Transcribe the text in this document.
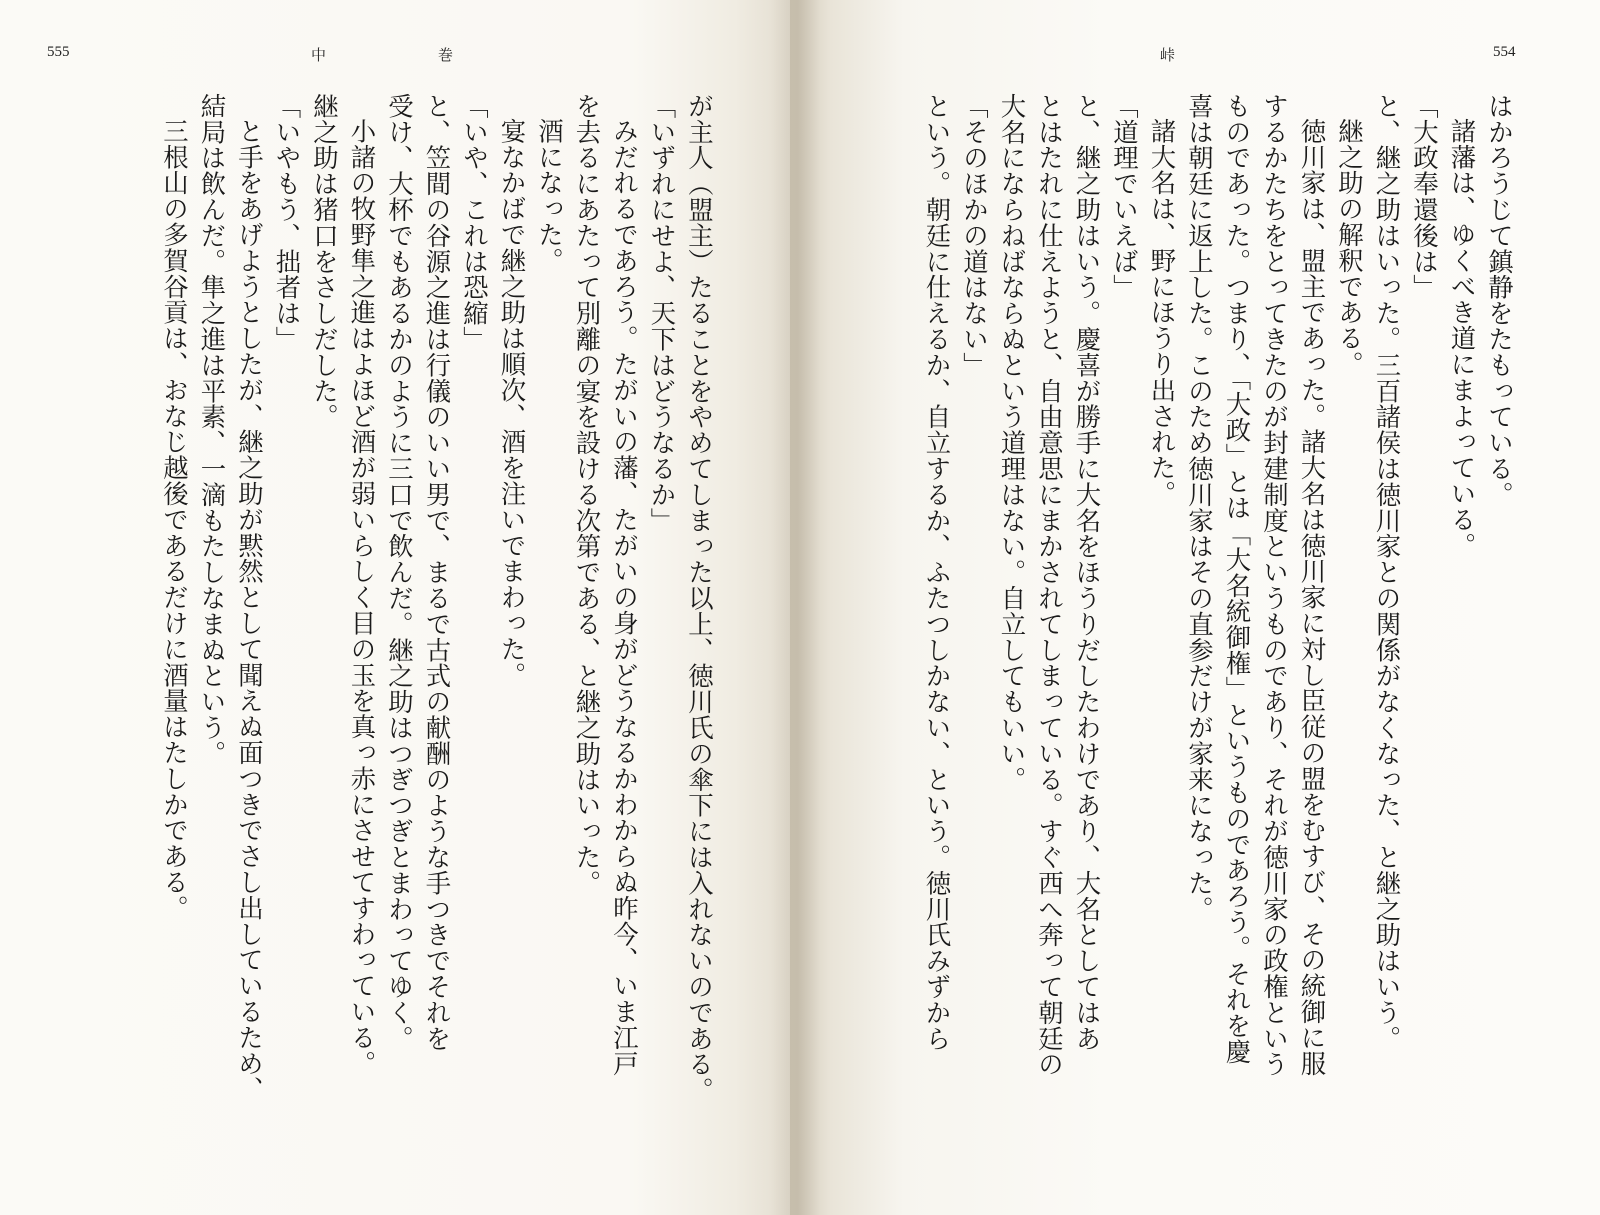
555	中	巻
が主人（盟主）たることをやめてしまった以上、徳川氏の傘下には入れないのである。
「いずれにせよ、天下はどうなるか」
みだれるであろう。たがいの藩、たがいの身がどうなるかわからぬ昨今、いま江戸
を去るにあたって別離の宴を設ける次第である、と継之助はいった。
酒になった。
宴なかばで継之助は順次、酒を注いでまわった。
「いや、これは恐縮」
と、笠間の谷源之進は行儀のいい男で、まるで古式の献酬のような手つきでそれを
受け、大杯でもあるかのように三口で飲んだ。継之助はつぎつぎとまわってゆく。
小諸の牧野隼之進はよほど酒が弱いらしく目の玉を真っ赤にさせてすわっている。
継之助は猪口をさしだした。
「いやもう、拙者は」
と手をあげようとしたが、継之助が黙然として聞えぬ面つきでさし出しているため、
結局は飲んだ。隼之進は平素、一滴もたしなまぬという。
三根山の多賀谷貢は、おなじ越後であるだけに酒量はたしかである。
峠	554
はかろうじて鎮静をたもっている。
諸藩は、ゆくべき道にまよっている。
「大政奉還後は」
と、継之助はいった。三百諸侯は徳川家との関係がなくなった、と継之助はいう。
継之助の解釈である。
徳川家は、盟主であった。諸大名は徳川家に対し臣従の盟をむすび、その統御に服
するかたちをとってきたのが封建制度というものであり、それが徳川家の政権という
ものであった。つまり、「大政」とは「大名統御権」というものであろう。それを慶
喜は朝廷に返上した。このため徳川家はその直参だけが家来になった。
諸大名は、野にほうり出された。
「道理でいえば」
と、継之助はいう。慶喜が勝手に大名をほうりだしたわけであり、大名としてはあ
とはたれに仕えようと、自由意思にまかされてしまっている。すぐ西へ奔って朝廷の
大名にならねばならぬという道理はない。自立してもいい。
「そのほかの道はない」
という。朝廷に仕えるか、自立するか、ふたつしかない、という。徳川氏みずから
